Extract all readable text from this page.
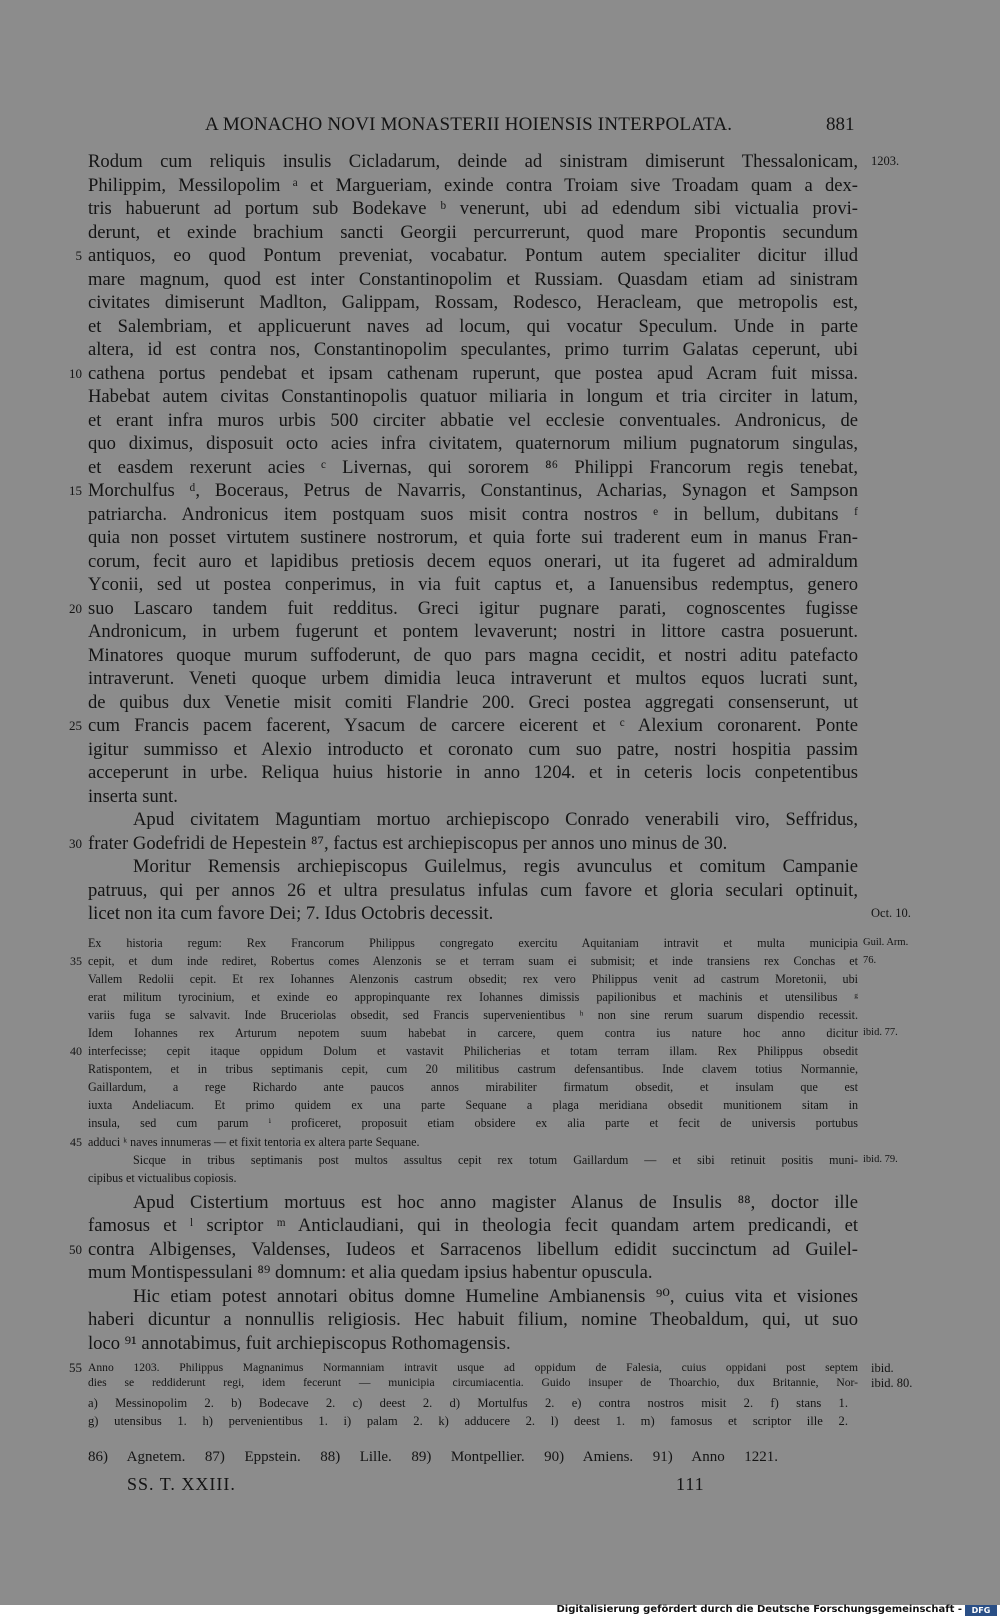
A MONACHO NOVI MONASTERII HOIENSIS INTERPOLATA.	881
Rodum cum reliquis insulis Cicladarum, deinde ad sinistram dimiserunt Thessalonicam, 1203.
Philippim, Messilopolim ᵃ et Margueriam, exinde contra Troiam sive Troadam quam a dex-
tris habuerunt ad portum sub Bodekave ᵇ venerunt, ubi ad edendum sibi victualia provi-
derunt, et exinde brachium sancti Georgii percurrerunt, quod mare Propontis secundum
antiquos, eo quod Pontum preveniat, vocabatur. Pontum autem specialiter dicitur illud
5
mare magnum, quod est inter Constantinopolim et Russiam. Quasdam etiam ad sinistram
civitates dimiserunt Madlton, Galippam, Rossam, Rodesco, Heracleam, que metropolis est,
et Salembriam, et applicuerunt naves ad locum, qui vocatur Speculum. Unde in parte
altera, id est contra nos, Constantinopolim speculantes, primo turrim Galatas ceperunt, ubi
cathena portus pendebat et ipsam cathenam ruperunt, que postea apud Acram fuit missa.
10
Habebat autem civitas Constantinopolis quatuor miliaria in longum et tria circiter in latum,
et erant infra muros urbis 500 circiter abbatie vel ecclesie conventuales. Andronicus, de
quo diximus, disposuit octo acies infra civitatem, quaternorum milium pugnatorum singulas,
et easdem rexerunt acies ᶜ Livernas, qui sororem ⁸⁶ Philippi Francorum regis tenebat,
Morchulfus ᵈ, Boceraus, Petrus de Navarris, Constantinus, Acharias, Synagon et Sampson
15
patriarcha. Andronicus item postquam suos misit contra nostros ᵉ in bellum, dubitans ᶠ
quia non posset virtutem sustinere nostrorum, et quia forte sui traderent eum in manus Fran-
corum, fecit auro et lapidibus pretiosis decem equos onerari, ut ita fugeret ad admiraldum
Yconii, sed ut postea conperimus, in via fuit captus et, a Ianuensibus redemptus, genero
suo Lascaro tandem fuit redditus. Greci igitur pugnare parati, cognoscentes fugisse
20
Andronicum, in urbem fugerunt et pontem levaverunt; nostri in littore castra posuerunt.
Minatores quoque murum suffoderunt, de quo pars magna cecidit, et nostri aditu patefacto
intraverunt. Veneti quoque urbem dimidia leuca intraverunt et multos equos lucrati sunt,
de quibus dux Venetie misit comiti Flandrie 200. Greci postea aggregati consenserunt, ut
cum Francis pacem facerent, Ysacum de carcere eicerent et ᶜ Alexium coronarent. Ponte
25
igitur summisso et Alexio introducto et coronato cum suo patre, nostri hospitia passim
acceperunt in urbe. Reliqua huius historie in anno 1204. et in ceteris locis conpetentibus
inserta sunt.
Apud civitatem Maguntiam mortuo archiepiscopo Conrado venerabili viro, Seffridus,
frater Godefridi de Hepestein ⁸⁷, factus est archiepiscopus per annos uno minus de 30.
30
Moritur Remensis archiepiscopus Guilelmus, regis avunculus et comitum Campanie
patruus, qui per annos 26 et ultra presulatus infulas cum favore et gloria seculari optinuit,
licet non ita cum favore Dei; 7. Idus Octobris decessit.	Oct. 10.
Ex historia regum: Rex Francorum Philippus congregato exercitu Aquitaniam intravit et multa municipia Guil. Arm.
cepit, et dum inde rediret, Robertus comes Alenzonis se et terram suam ei submisit; et inde transiens rex Conchas et
35	76.
Vallem Redolii cepit. Et rex Iohannes Alenzonis castrum obsedit; rex vero Philippus venit ad castrum Moretonii, ubi
erat militum tyrocinium, et exinde eo appropinquante rex Iohannes dimissis papilionibus et machinis et utensilibus ᵍ
variis fuga se salvavit. Inde Bruceriolas obsedit, sed Francis supervenientibus ʰ non sine rerum suarum dispendio recessit.
Idem Iohannes rex Arturum nepotem suum habebat in carcere, quem contra ius nature hoc anno dicitur ibid. 77.
interfecisse; cepit itaque oppidum Dolum et vastavit Philicherias et totam terram illam. Rex Philippus obsedit
40
Ratispontem, et in tribus septimanis cepit, cum 20 militibus castrum defensantibus. Inde clavem totius Normannie,
Gaillardum, a rege Richardo ante paucos annos mirabiliter firmatum obsedit, et insulam que est
iuxta Andeliacum. Et primo quidem ex una parte Sequane a plaga meridiana obsedit munitionem sitam in
insula, sed cum parum ⁱ proficeret, proposuit etiam obsidere ex alia parte et fecit de universis portubus
adduci ᵏ naves innumeras — et fixit tentoria ex altera parte Sequane.
45
Sicque in tribus septimanis post multos assultus cepit rex totum Gaillardum — et sibi retinuit positis muni- ibid. 79.
cipibus et victualibus copiosis.
Apud Cistertium mortuus est hoc anno magister Alanus de Insulis ⁸⁸, doctor ille
famosus et ˡ scriptor ᵐ Anticlaudiani, qui in theologia fecit quandam artem predicandi, et
contra Albigenses, Valdenses, Iudeos et Sarracenos libellum edidit succinctum ad Guilel-
50
mum Montispessulani ⁸⁹ domnum: et alia quedam ipsius habentur opuscula.
Hic etiam potest annotari obitus domne Humeline Ambianensis ⁹⁰, cuius vita et visiones
haberi dicuntur a nonnullis religiosis. Hec habuit filium, nomine Theobaldum, qui, ut suo
loco ⁹¹ annotabimus, fuit archiepiscopus Rothomagensis.
Anno 1203. Philippus Magnanimus Normanniam intravit usque ad oppidum de Falesia, cuius oppidani post septem
55	ibid.
dies se reddiderunt regi, idem fecerunt — municipia circumiacentia. Guido insuper de Thoarchio, dux Britannie, Nor- ibid. 80.
a) Messinopolim 2. b) Bodecave 2. c) deest 2. d) Mortulfus 2. e) contra nostros misit 2. f) stans 1.
g) utensibus 1. h) pervenientibus 1. i) palam 2. k) adducere 2. l) deest 1. m) famosus et scriptor ille 2.
86) Agnetem. 87) Eppstein. 88) Lille. 89) Montpellier. 90) Amiens. 91) Anno 1221.
SS. T. XXIII.	111
Digitalisierung gefördert durch die Deutsche Forschungsgemeinschaft -	DFG
